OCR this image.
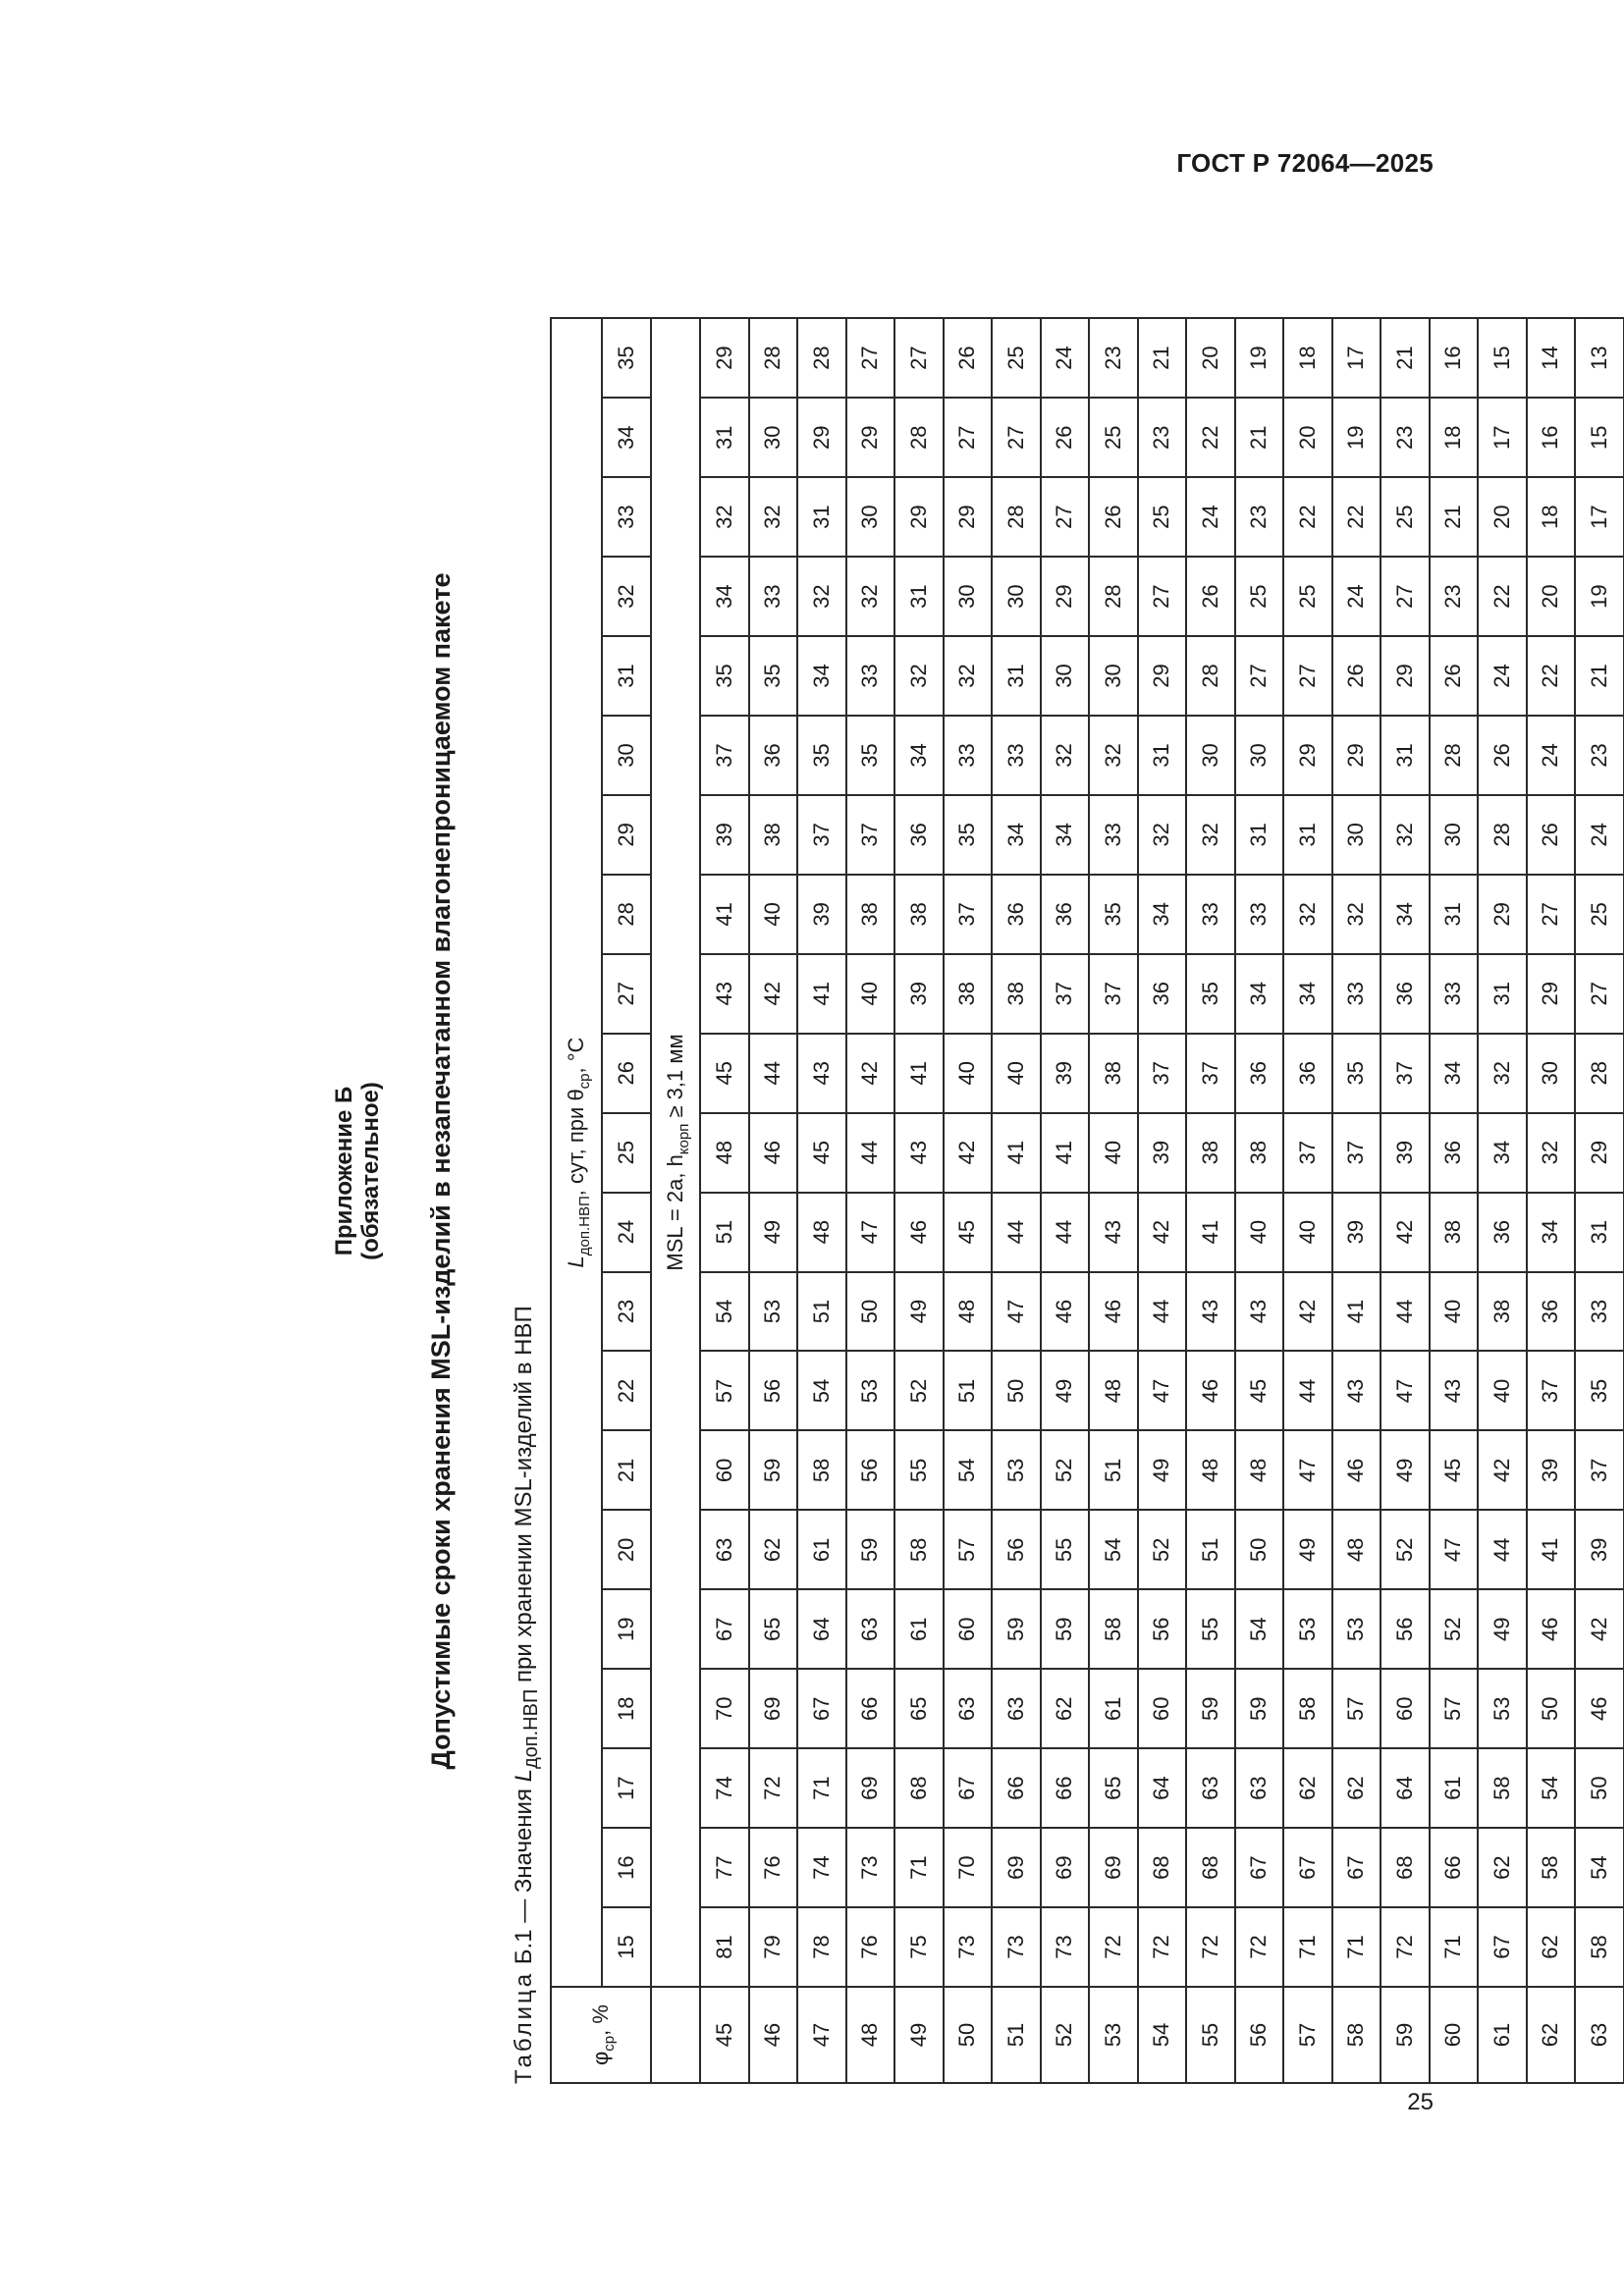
ГОСТ Р 72064—2025
25
Приложение Б (обязательное) Допустимые сроки хранения MSL-изделий в незапечатанном влагонепроницаемом пакете
Таблица Б.1 — Значения $L_{доп.НВП}$ при хранении MSL-изделий в НВП
$\varphi_{ср}$, %	$L_{доп.НВП}$, сут, при $\theta_{ср}$, °C																				
	15	16	17	18	19	20	21	22	23	24	25	26	27	28	29	30	31	32	33	34	35
	MSL = 2a, $h_{корп} \ge 3,1$ мм																				
45	81	77	74	70	67	63	60	57	54	51	48	45	43	41	39	37	35	34	32	31	29
46	79	76	72	69	65	62	59	56	53	49	46	44	42	40	38	36	35	33	32	30	28
47	78	74	71	67	64	61	58	54	51	48	45	43	41	39	37	35	34	32	31	29	28
48	76	73	69	66	63	59	56	53	50	47	44	42	40	38	37	35	33	32	30	29	27
49	75	71	68	65	61	58	55	52	49	46	43	41	39	38	36	34	32	31	29	28	27
50	73	70	67	63	60	57	54	51	48	45	42	40	38	37	35	33	32	30	29	27	26
51	73	69	66	63	59	56	53	50	47	44	41	40	38	36	34	33	31	30	28	27	25
52	73	69	66	62	59	55	52	49	46	44	41	39	37	36	34	32	30	29	27	26	24
53	72	69	65	61	58	54	51	48	46	43	40	38	37	35	33	32	30	28	26	25	23
54	72	68	64	60	56	52	49	47	44	42	39	37	36	34	32	31	29	27	25	23	21
55	72	68	63	59	55	51	48	46	43	41	38	37	35	33	32	30	28	26	24	22	20
56	72	67	63	59	54	50	48	45	43	40	38	36	34	33	31	30	27	25	23	21	19
57	71	67	62	58	53	49	47	44	42	40	37	36	34	32	31	29	27	25	22	20	18
58	71	67	62	57	53	48	46	43	41	39	37	35	33	32	30	29	26	24	22	19	17
59	72	68	64	60	56	52	49	47	44	42	39	37	36	34	32	31	29	27	25	23	21
60	71	66	61	57	52	47	45	43	40	38	36	34	33	31	30	28	26	23	21	18	16
61	67	62	58	53	49	44	42	40	38	36	34	32	31	29	28	26	24	22	20	17	15
62	62	58	54	50	46	41	39	37	36	34	32	30	29	27	26	24	22	20	18	16	14
63	58	54	50	46	42	39	37	35	33	31	29	28	27	25	24	23	21	19	17	15	13
